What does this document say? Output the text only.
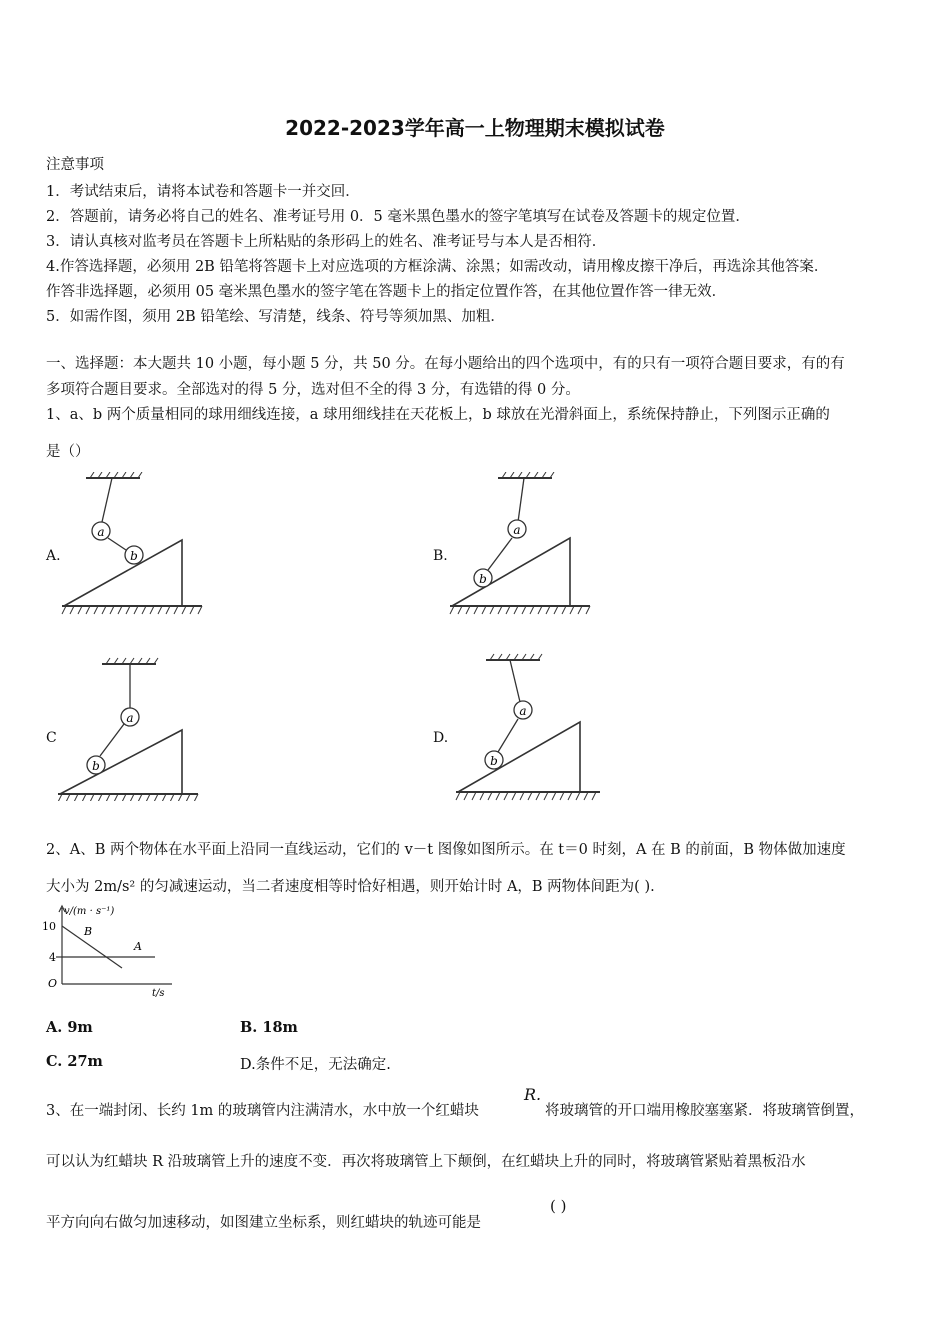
2022-2023学年高一上物理期末模拟试卷
注意事项
1．考试结束后，请将本试卷和答题卡一并交回．
2．答题前，请务必将自己的姓名、准考证号用 0．5 毫米黑色墨水的签字笔填写在试卷及答题卡的规定位置．
3．请认真核对监考员在答题卡上所粘贴的条形码上的姓名、准考证号与本人是否相符．
4.作答选择题，必须用 2B 铅笔将答题卡上对应选项的方框涂满、涂黑；如需改动，请用橡皮擦干净后，再选涂其他答案．
作答非选择题，必须用 05 毫米黑色墨水的签字笔在答题卡上的指定位置作答，在其他位置作答一律无效．
5．如需作图，须用 2B 铅笔绘、写清楚，线条、符号等须加黑、加粗．
一、选择题：本大题共 10 小题，每小题 5 分，共 50 分。在每小题给出的四个选项中，有的只有一项符合题目要求，有的有
多项符合题目要求。全部选对的得 5 分，选对但不全的得 3 分，有选错的得 0 分。
1、a、b 两个质量相同的球用细线连接，a 球用细线挂在天花板上，b 球放在光滑斜面上，系统保持静止，下列图示正确的
是（）
A.
a
b	B.
a
b
C
a
b
D.
a
b
2、A、B 两个物体在水平面上沿同一直线运动，它们的 v－t 图像如图所示。在 t＝0 时刻，A 在 B 的前面，B 物体做加速度
大小为 2m/s² 的匀减速运动，当二者速度相等时恰好相遇，则开始计时 A，B 两物体间距为( ).
v/(m · s⁻¹)
10
4
O
t/s
A
B
A. 9m	B. 18m
C. 27m	D.条件不足，无法确定.
3、在一端封闭、长约 1m 的玻璃管内注满清水，水中放一个红蜡块
R.
将玻璃管的开口端用橡胶塞塞紧．将玻璃管倒置，
可以认为红蜡块 R 沿玻璃管上升的速度不变．再次将玻璃管上下颠倒，在红蜡块上升的同时，将玻璃管紧贴着黑板沿水
平方向向右做匀加速移动，如图建立坐标系，则红蜡块的轨迹可能是
( )
